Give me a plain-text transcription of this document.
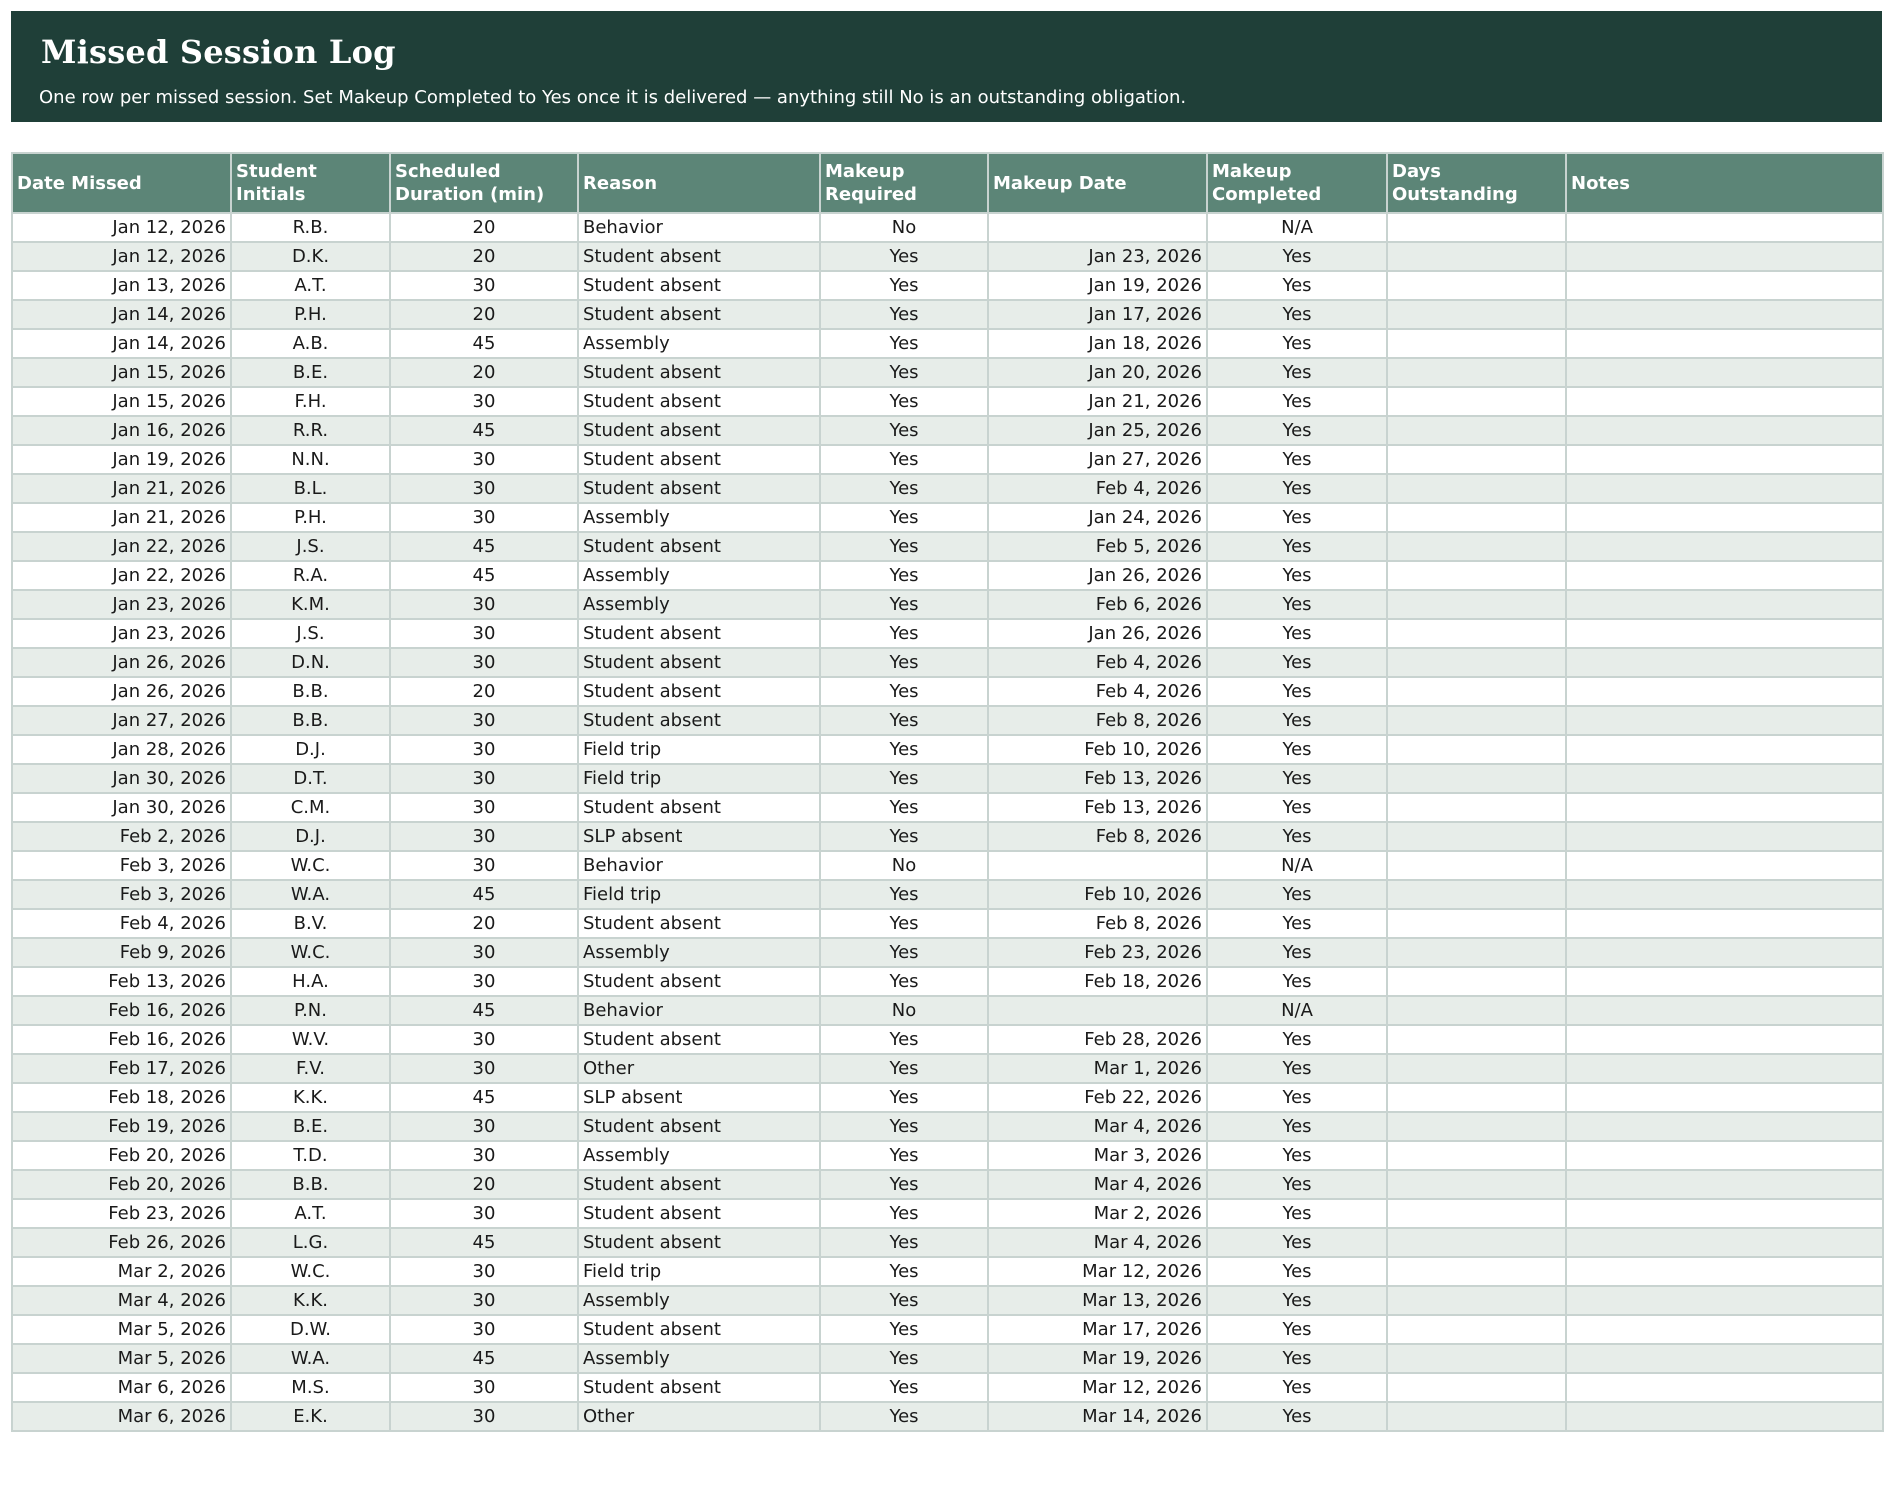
Missed Session Log

One row per missed session. Set Makeup Completed to Yes once it is delivered — anything still No is an outstanding obligation.

Date Missed	Student Initials	Scheduled Duration (min)	Reason	Makeup Required	Makeup Date	Makeup Completed	Days Outstanding	Notes
Jan 12, 2026	R.B.	20	Behavior	No		N/A		
Jan 12, 2026	D.K.	20	Student absent	Yes	Jan 23, 2026	Yes		
Jan 13, 2026	A.T.	30	Student absent	Yes	Jan 19, 2026	Yes		
Jan 14, 2026	P.H.	20	Student absent	Yes	Jan 17, 2026	Yes		
Jan 14, 2026	A.B.	45	Assembly	Yes	Jan 18, 2026	Yes		
Jan 15, 2026	B.E.	20	Student absent	Yes	Jan 20, 2026	Yes		
Jan 15, 2026	F.H.	30	Student absent	Yes	Jan 21, 2026	Yes		
Jan 16, 2026	R.R.	45	Student absent	Yes	Jan 25, 2026	Yes		
Jan 19, 2026	N.N.	30	Student absent	Yes	Jan 27, 2026	Yes		
Jan 21, 2026	B.L.	30	Student absent	Yes	Feb 4, 2026	Yes		
Jan 21, 2026	P.H.	30	Assembly	Yes	Jan 24, 2026	Yes		
Jan 22, 2026	J.S.	45	Student absent	Yes	Feb 5, 2026	Yes		
Jan 22, 2026	R.A.	45	Assembly	Yes	Jan 26, 2026	Yes		
Jan 23, 2026	K.M.	30	Assembly	Yes	Feb 6, 2026	Yes		
Jan 23, 2026	J.S.	30	Student absent	Yes	Jan 26, 2026	Yes		
Jan 26, 2026	D.N.	30	Student absent	Yes	Feb 4, 2026	Yes		
Jan 26, 2026	B.B.	20	Student absent	Yes	Feb 4, 2026	Yes		
Jan 27, 2026	B.B.	30	Student absent	Yes	Feb 8, 2026	Yes		
Jan 28, 2026	D.J.	30	Field trip	Yes	Feb 10, 2026	Yes		
Jan 30, 2026	D.T.	30	Field trip	Yes	Feb 13, 2026	Yes		
Jan 30, 2026	C.M.	30	Student absent	Yes	Feb 13, 2026	Yes		
Feb 2, 2026	D.J.	30	SLP absent	Yes	Feb 8, 2026	Yes		
Feb 3, 2026	W.C.	30	Behavior	No		N/A		
Feb 3, 2026	W.A.	45	Field trip	Yes	Feb 10, 2026	Yes		
Feb 4, 2026	B.V.	20	Student absent	Yes	Feb 8, 2026	Yes		
Feb 9, 2026	W.C.	30	Assembly	Yes	Feb 23, 2026	Yes		
Feb 13, 2026	H.A.	30	Student absent	Yes	Feb 18, 2026	Yes		
Feb 16, 2026	P.N.	45	Behavior	No		N/A		
Feb 16, 2026	W.V.	30	Student absent	Yes	Feb 28, 2026	Yes		
Feb 17, 2026	F.V.	30	Other	Yes	Mar 1, 2026	Yes		
Feb 18, 2026	K.K.	45	SLP absent	Yes	Feb 22, 2026	Yes		
Feb 19, 2026	B.E.	30	Student absent	Yes	Mar 4, 2026	Yes		
Feb 20, 2026	T.D.	30	Assembly	Yes	Mar 3, 2026	Yes		
Feb 20, 2026	B.B.	20	Student absent	Yes	Mar 4, 2026	Yes		
Feb 23, 2026	A.T.	30	Student absent	Yes	Mar 2, 2026	Yes		
Feb 26, 2026	L.G.	45	Student absent	Yes	Mar 4, 2026	Yes		
Mar 2, 2026	W.C.	30	Field trip	Yes	Mar 12, 2026	Yes		
Mar 4, 2026	K.K.	30	Assembly	Yes	Mar 13, 2026	Yes		
Mar 5, 2026	D.W.	30	Student absent	Yes	Mar 17, 2026	Yes		
Mar 5, 2026	W.A.	45	Assembly	Yes	Mar 19, 2026	Yes		
Mar 6, 2026	M.S.	30	Student absent	Yes	Mar 12, 2026	Yes		
Mar 6, 2026	E.K.	30	Other	Yes	Mar 14, 2026	Yes		
